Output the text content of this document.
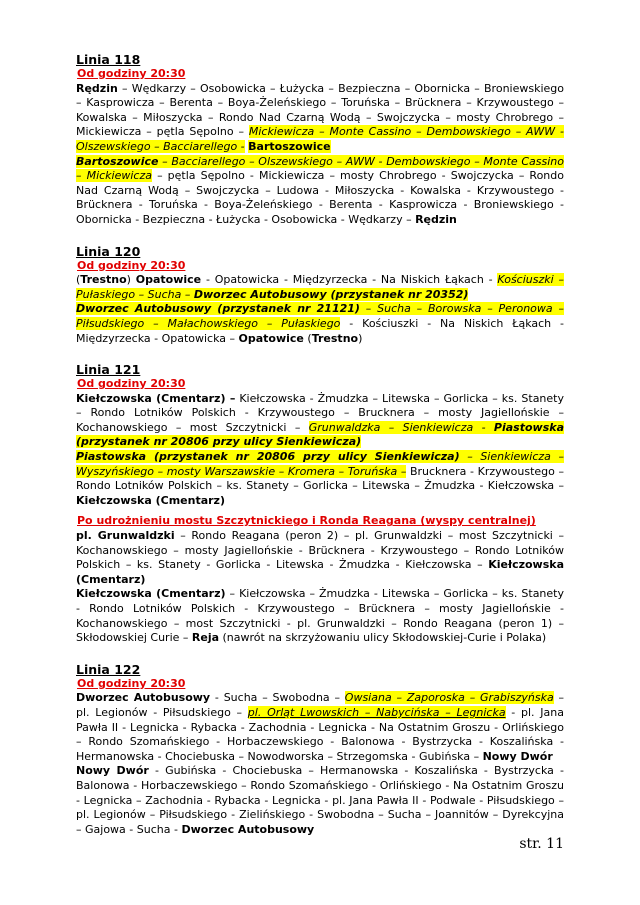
Linia 118
Od godziny 20:30

Rędzin – Wędkarzy – Osobowicka – Łużycka – Bezpieczna – Obornicka – Broniewskiego – Kasprowicza – Berenta – Boya-Żeleńskiego – Toruńska – Brücknera – Krzywoustego – Kowalska – Miłoszycka – Rondo Nad Czarną Wodą – Swojczycka – mosty Chrobrego – Mickiewicza – pętla Sępolno – Mickiewicza – Monte Cassino – Dembowskiego – AWW - Olszewskiego – Bacciarellego - Bartoszowice

Bartoszowice – Bacciarellego – Olszewskiego – AWW - Dembowskiego – Monte Cassino – Mickiewicza – pętla Sępolno - Mickiewicza – mosty Chrobrego - Swojczycka – Rondo Nad Czarną Wodą – Swojczycka – Ludowa - Miłoszycka - Kowalska - Krzywoustego - Brücknera - Toruńska - Boya-Żeleńskiego - Berenta - Kasprowicza - Broniewskiego - Obornicka - Bezpieczna - Łużycka - Osobowicka - Wędkarzy – Rędzin

Linia 120
Od godziny 20:30

(Trestno) Opatowice - Opatowicka - Międzyrzecka - Na Niskich Łąkach - Kościuszki – Pułaskiego – Sucha – Dworzec Autobusowy (przystanek nr 20352)

Dworzec Autobusowy (przystanek nr 21121) – Sucha – Borowska – Peronowa – Piłsudskiego – Małachowskiego – Pułaskiego - Kościuszki - Na Niskich Łąkach - Międzyrzecka - Opatowicka – Opatowice (Trestno)

Linia 121
Od godziny 20:30

Kiełczowska (Cmentarz) – Kiełczowska - Żmudzka – Litewska – Gorlicka – ks. Stanety – Rondo Lotników Polskich - Krzywoustego – Brucknera – mosty Jagiellońskie – Kochanowskiego – most Szczytnicki – Grunwaldzka – Sienkiewicza - Piastowska (przystanek nr 20806 przy ulicy Sienkiewicza)

Piastowska (przystanek nr 20806 przy ulicy Sienkiewicza) – Sienkiewicza – Wyszyńskiego – mosty Warszawskie – Kromera – Toruńska – Brucknera - Krzywoustego – Rondo Lotników Polskich – ks. Stanety – Gorlicka – Litewska – Żmudzka - Kiełczowska – Kiełczowska (Cmentarz)

Po udrożnieniu mostu Szczytnickiego i Ronda Reagana (wyspy centralnej)

pl. Grunwaldzki – Rondo Reagana (peron 2) – pl. Grunwaldzki – most Szczytnicki – Kochanowskiego – mosty Jagiellońskie - Brücknera - Krzywoustego – Rondo Lotników Polskich – ks. Stanety - Gorlicka - Litewska - Żmudzka - Kiełczowska – Kiełczowska (Cmentarz)

Kiełczowska (Cmentarz) – Kiełczowska – Żmudzka - Litewska – Gorlicka – ks. Stanety - Rondo Lotników Polskich - Krzywoustego – Brücknera – mosty Jagiellońskie - Kochanowskiego – most Szczytnicki - pl. Grunwaldzki – Rondo Reagana (peron 1) – Skłodowskiej Curie – Reja (nawrót na skrzyżowaniu ulicy Skłodowskiej-Curie i Polaka)

Linia 122
Od godziny 20:30

Dworzec Autobusowy - Sucha – Swobodna – Owsiana – Zaporoska – Grabiszyńska – pl. Legionów - Piłsudskiego – pl. Orląt Lwowskich – Nabycińska – Legnicka - pl. Jana Pawła II - Legnicka - Rybacka - Zachodnia - Legnicka - Na Ostatnim Groszu - Orlińskiego – Rondo Szomańskiego - Horbaczewskiego - Balonowa - Bystrzycka - Koszalińska - Hermanowska - Chociebuska – Nowodworska – Strzegomska - Gubińska – Nowy Dwór

Nowy Dwór - Gubińska - Chociebuska – Hermanowska - Koszalińska - Bystrzycka - Balonowa - Horbaczewskiego – Rondo Szomańskiego - Orlińskiego - Na Ostatnim Groszu - Legnicka – Zachodnia - Rybacka - Legnicka - pl. Jana Pawła II - Podwale - Piłsudskiego – pl. Legionów – Piłsudskiego - Zielińskiego - Swobodna – Sucha – Joannitów – Dyrekcyjna – Gajowa - Sucha - Dworzec Autobusowy

str. 11
